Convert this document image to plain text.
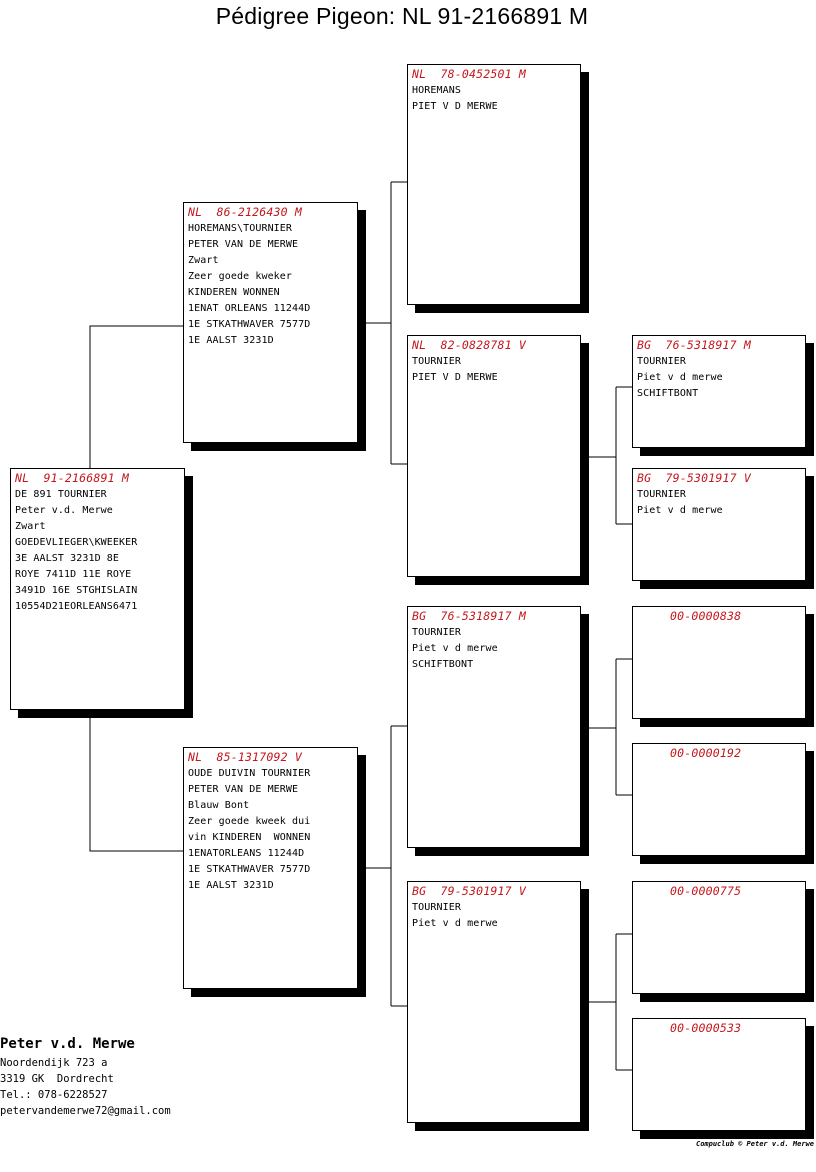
Pédigree Pigeon: NL 91-2166891 M
NL  91-2166891 M
DE 891 TOURNIER
Peter v.d. Merwe
Zwart
GOEDEVLIEGER\KWEEKER
3E AALST 3231D 8E
ROYE 7411D 11E ROYE
3491D 16E STGHISLAIN
10554D21EORLEANS6471
NL  86-2126430 M
HOREMANS\TOURNIER
PETER VAN DE MERWE
Zwart
Zeer goede kweker
KINDEREN WONNEN
1ENAT ORLEANS 11244D
1E STKATHWAVER 7577D
1E AALST 3231D
NL  85-1317092 V
OUDE DUIVIN TOURNIER
PETER VAN DE MERWE
Blauw Bont
Zeer goede kweek dui
vin KINDEREN  WONNEN
1ENATORLEANS 11244D
1E STKATHWAVER 7577D
1E AALST 3231D
NL  78-0452501 M
HOREMANS
PIET V D MERWE
NL  82-0828781 V
TOURNIER
PIET V D MERWE
BG  76-5318917 M
TOURNIER
Piet v d merwe
SCHIFTBONT
BG  79-5301917 V
TOURNIER
Piet v d merwe
BG  76-5318917 M
TOURNIER
Piet v d merwe
SCHIFTBONT
BG  79-5301917 V
TOURNIER
Piet v d merwe
00-0000838
00-0000192
00-0000775
00-0000533
Peter v.d. Merwe
Noordendijk 723 a
3319 GK  Dordrecht
Tel.: 078-6228527
petervandemerwe72@gmail.com
Compuclub © Peter v.d. Merwe
